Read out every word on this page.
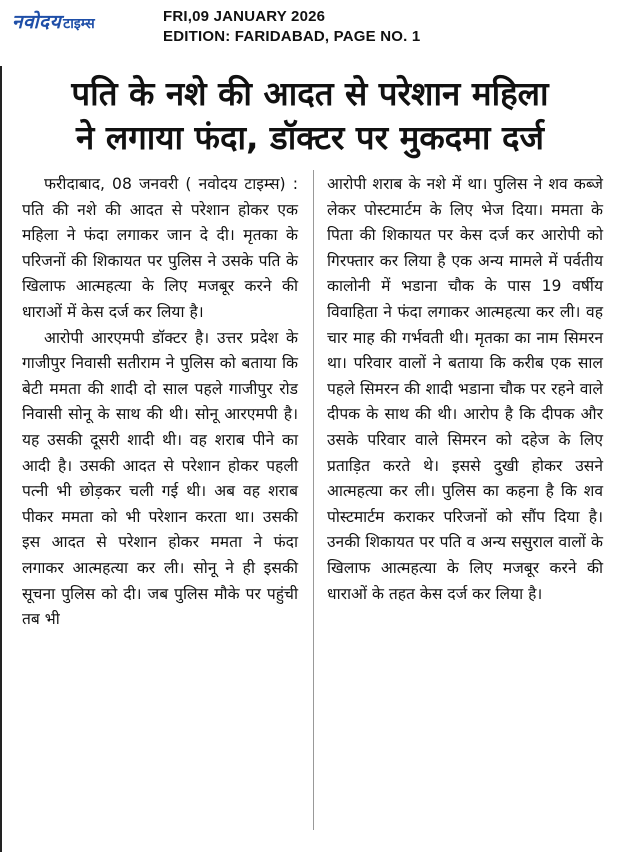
नवोदय टाइम्स	FRI,09 JANUARY 2026
EDITION: FARIDABAD, PAGE NO. 1
पति के नशे की आदत से परेशान महिला
ने लगाया फंदा, डॉक्टर पर मुकदमा दर्ज

फरीदाबाद, 08 जनवरी ( नवोदय टाइम्स) : पति की नशे की आदत से परेशान होकर एक महिला ने फंदा लगाकर जान दे दी। मृतका के परिजनों की शिकायत पर पुलिस ने उसके पति के खिलाफ आत्महत्या के लिए मजबूर करने की धाराओं में केस दर्ज कर लिया है।

आरोपी आरएमपी डॉक्टर है। उत्तर प्रदेश के गाजीपुर निवासी सतीराम ने पुलिस को बताया कि बेटी ममता की शादी दो साल पहले गाजीपुर रोड निवासी सोनू के साथ की थी। सोनू आरएमपी है। यह उसकी दूसरी शादी थी। वह शराब पीने का आदी है। उसकी आदत से परेशान होकर पहली पत्नी भी छोड़कर चली गई थी। अब वह शराब पीकर ममता को भी परेशान करता था। उसकी इस आदत से परेशान होकर ममता ने फंदा लगाकर आत्महत्या कर ली। सोनू ने ही इसकी सूचना पुलिस को दी। जब पुलिस मौके पर पहुंची तब भी

आरोपी शराब के नशे में था। पुलिस ने शव कब्जे लेकर पोस्टमार्टम के लिए भेज दिया। ममता के पिता की शिकायत पर केस दर्ज कर आरोपी को गिरफ्तार कर लिया है एक अन्य मामले में पर्वतीय कालोनी में भडाना चौक के पास 19 वर्षीय विवाहिता ने फंदा लगाकर आत्महत्या कर ली। वह चार माह की गर्भवती थी। मृतका का नाम सिमरन था। परिवार वालों ने बताया कि करीब एक साल पहले सिमरन की शादी भडाना चौक पर रहने वाले दीपक के साथ की थी। आरोप है कि दीपक और उसके परिवार वाले सिमरन को दहेज के लिए प्रताड़ित करते थे। इससे दुखी होकर उसने आत्महत्या कर ली। पुलिस का कहना है कि शव पोस्टमार्टम कराकर परिजनों को सौंप दिया है। उनकी शिकायत पर पति व अन्य ससुराल वालों के खिलाफ आत्महत्या के लिए मजबूर करने की धाराओं के तहत केस दर्ज कर लिया है।
